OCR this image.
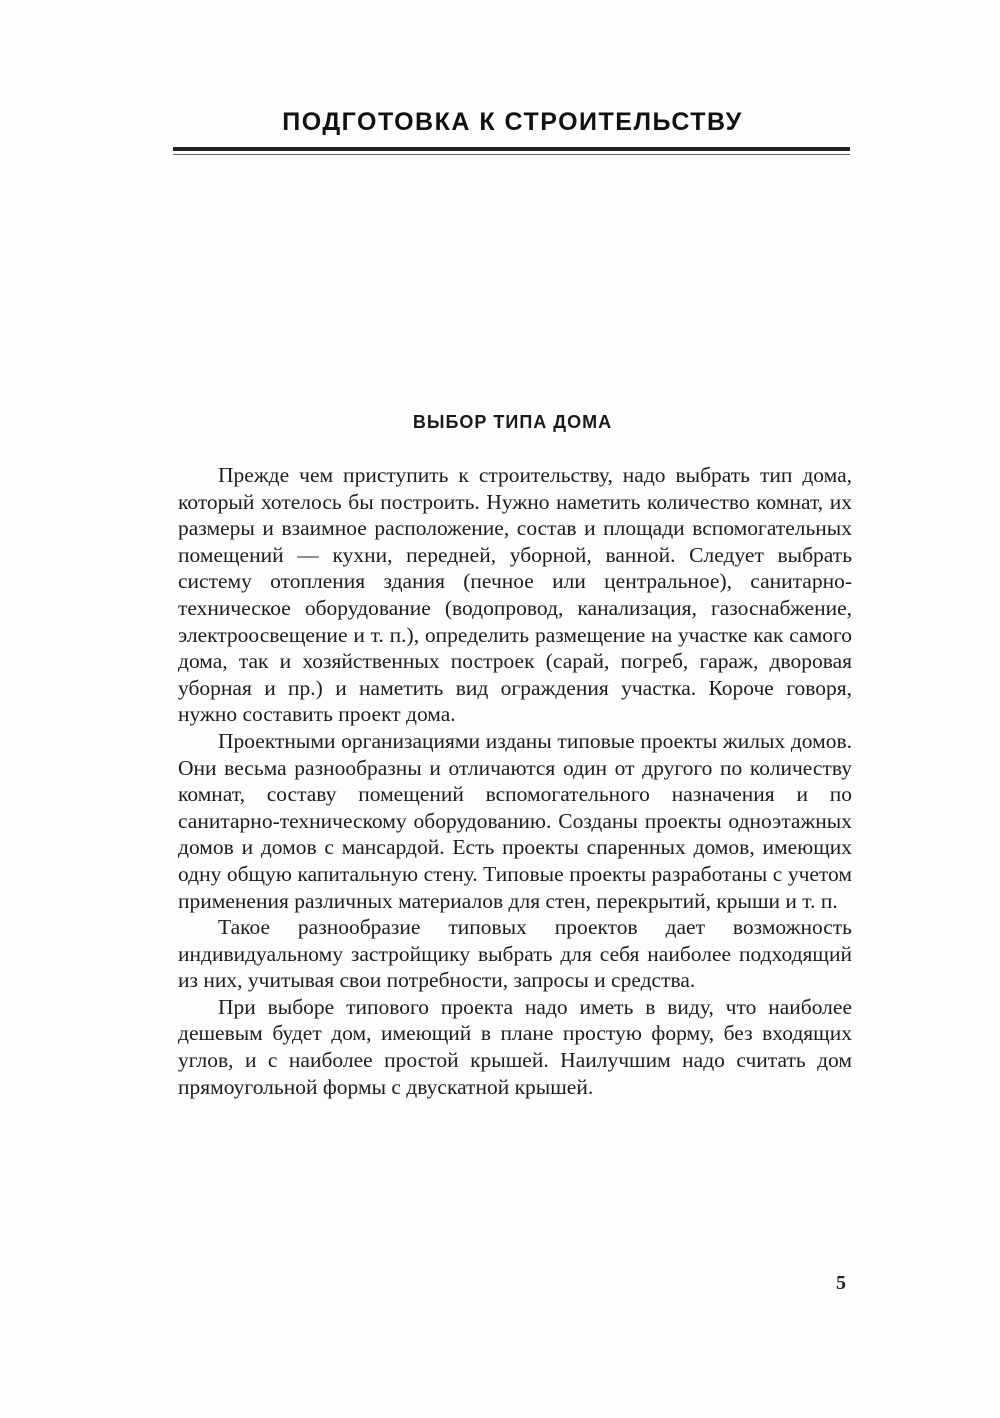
ПОДГОТОВКА К СТРОИТЕЛЬСТВУ
ВЫБОР ТИПА ДОМА

Прежде чем приступить к строительству, надо выбрать тип дома, который хотелось бы построить. Нужно наметить количество комнат, их размеры и взаимное расположение, состав и площади вспомогательных помещений — кухни, передней, уборной, ванной. Следует выбрать систему отопления здания (печное или центральное), санитарно-техническое оборудование (водопровод, канализация, газоснабжение, электроосвещение и т. п.), определить размещение на участке как самого дома, так и хозяйственных построек (сарай, погреб, гараж, дворовая уборная и пр.) и наметить вид ограждения участка. Короче говоря, нужно составить проект дома.

Проектными организациями изданы типовые проекты жилых домов. Они весьма разнообразны и отличаются один от другого по количеству комнат, составу помещений вспомогательного назначения и по санитарно-техническому оборудованию. Созданы проекты одноэтажных домов и домов с мансардой. Есть проекты спаренных домов, имеющих одну общую капитальную стену. Типовые проекты разработаны с учетом применения различных материалов для стен, перекрытий, крыши и т. п.

Такое разнообразие типовых проектов дает возможность индивидуальному застройщику выбрать для себя наиболее подходящий из них, учитывая свои потребности, запросы и средства.

При выборе типового проекта надо иметь в виду, что наиболее дешевым будет дом, имеющий в плане простую форму, без входящих углов, и с наиболее простой крышей. Наилучшим надо считать дом прямоугольной формы с двускатной крышей.

5
